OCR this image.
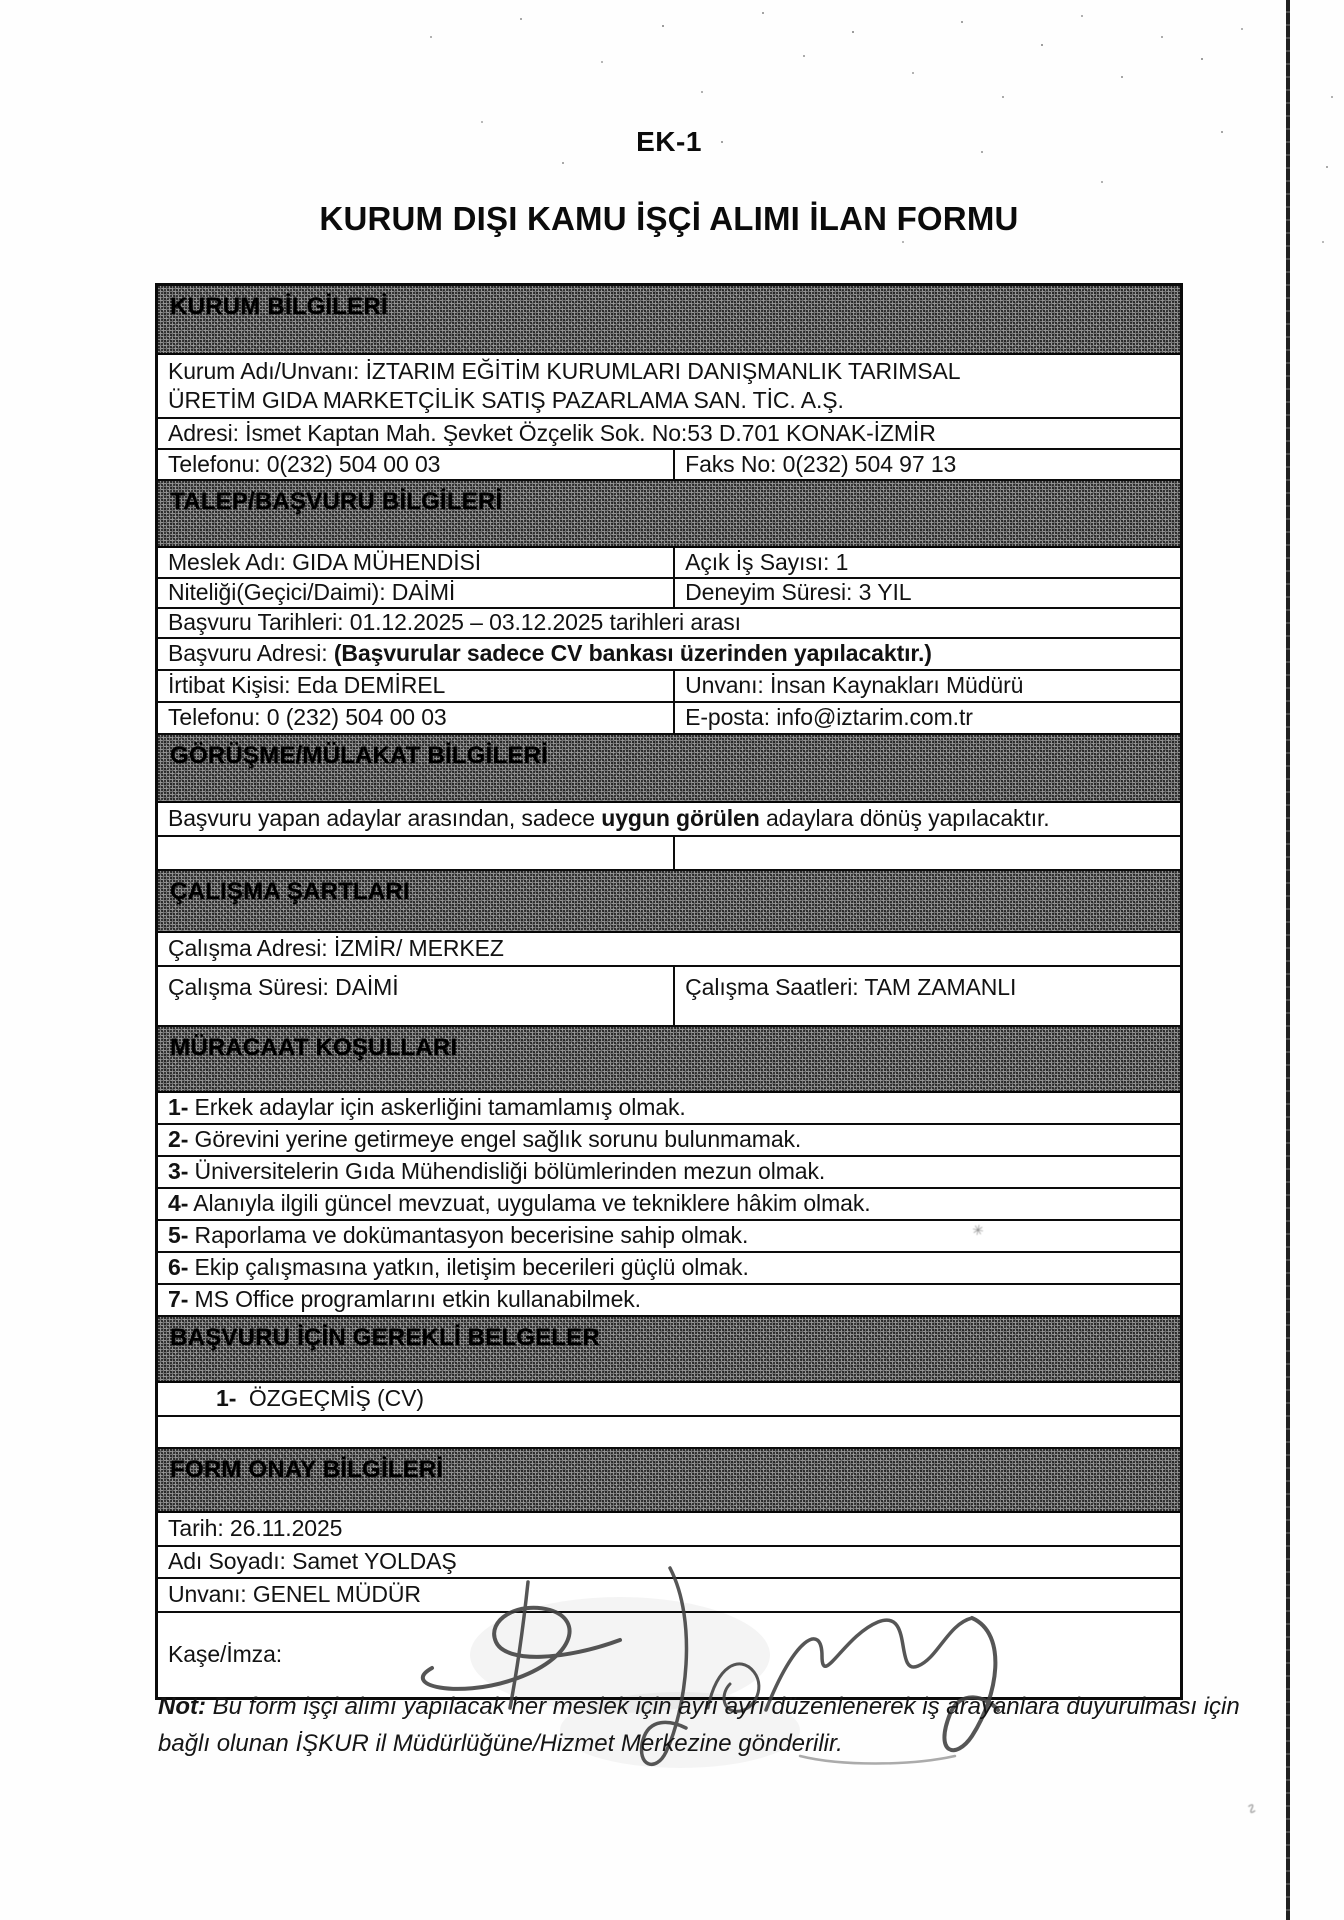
EK-1
KURUM DIŞI KAMU İŞÇİ ALIMI İLAN FORMU
KURUM BİLGİLERİ
Kurum Adı/Unvanı: İZTARIM EĞİTİM KURUMLARI DANIŞMANLIK TARIMSAL ÜRETİM GIDA MARKETÇİLİK SATIŞ PAZARLAMA SAN. TİC. A.Ş.
Adresi: İsmet Kaptan Mah. Şevket Özçelik Sok. No:53 D.701 KONAK-İZMİR
Telefonu: 0(232) 504 00 03	Faks No: 0(232) 504 97 13
TALEP/BAŞVURU BİLGİLERİ
Meslek Adı: GIDA MÜHENDİSİ	Açık İş Sayısı: 1
Niteliği(Geçici/Daimi): DAİMİ	Deneyim Süresi: 3 YIL
Başvuru Tarihleri: 01.12.2025 – 03.12.2025 tarihleri arası
Başvuru Adresi: (Başvurular sadece CV bankası üzerinden yapılacaktır.)
İrtibat Kişisi: Eda DEMİREL	Unvanı: İnsan Kaynakları Müdürü
Telefonu: 0 (232) 504 00 03	E-posta: info@iztarim.com.tr
GÖRÜŞME/MÜLAKAT BİLGİLERİ
Başvuru yapan adaylar arasından, sadece uygun görülen adaylara dönüş yapılacaktır.
ÇALIŞMA ŞARTLARI
Çalışma Adresi: İZMİR/ MERKEZ
Çalışma Süresi: DAİMİ	Çalışma Saatleri: TAM ZAMANLI
MÜRACAAT KOŞULLARI
1- Erkek adaylar için askerliğini tamamlamış olmak.
2- Görevini yerine getirmeye engel sağlık sorunu bulunmamak.
3- Üniversitelerin Gıda Mühendisliği bölümlerinden mezun olmak.
4- Alanıyla ilgili güncel mevzuat, uygulama ve tekniklere hâkim olmak.
5- Raporlama ve dokümantasyon becerisine sahip olmak.
6- Ekip çalışmasına yatkın, iletişim becerileri güçlü olmak.
7- MS Office programlarını etkin kullanabilmek.
BAŞVURU İÇİN GEREKLİ BELGELER
1-  ÖZGEÇMİŞ (CV)
FORM ONAY BİLGİLERİ
Tarih: 26.11.2025
Adı Soyadı: Samet YOLDAŞ
Unvanı: GENEL MÜDÜR
Kaşe/İmza:

Not: Bu form işçi alımı yapılacak her meslek için ayrı ayrı düzenlenerek iş arayanlara duyurulması için bağlı olunan İŞKUR il Müdürlüğüne/Hizmet Merkezine gönderilir.

✳
∿
